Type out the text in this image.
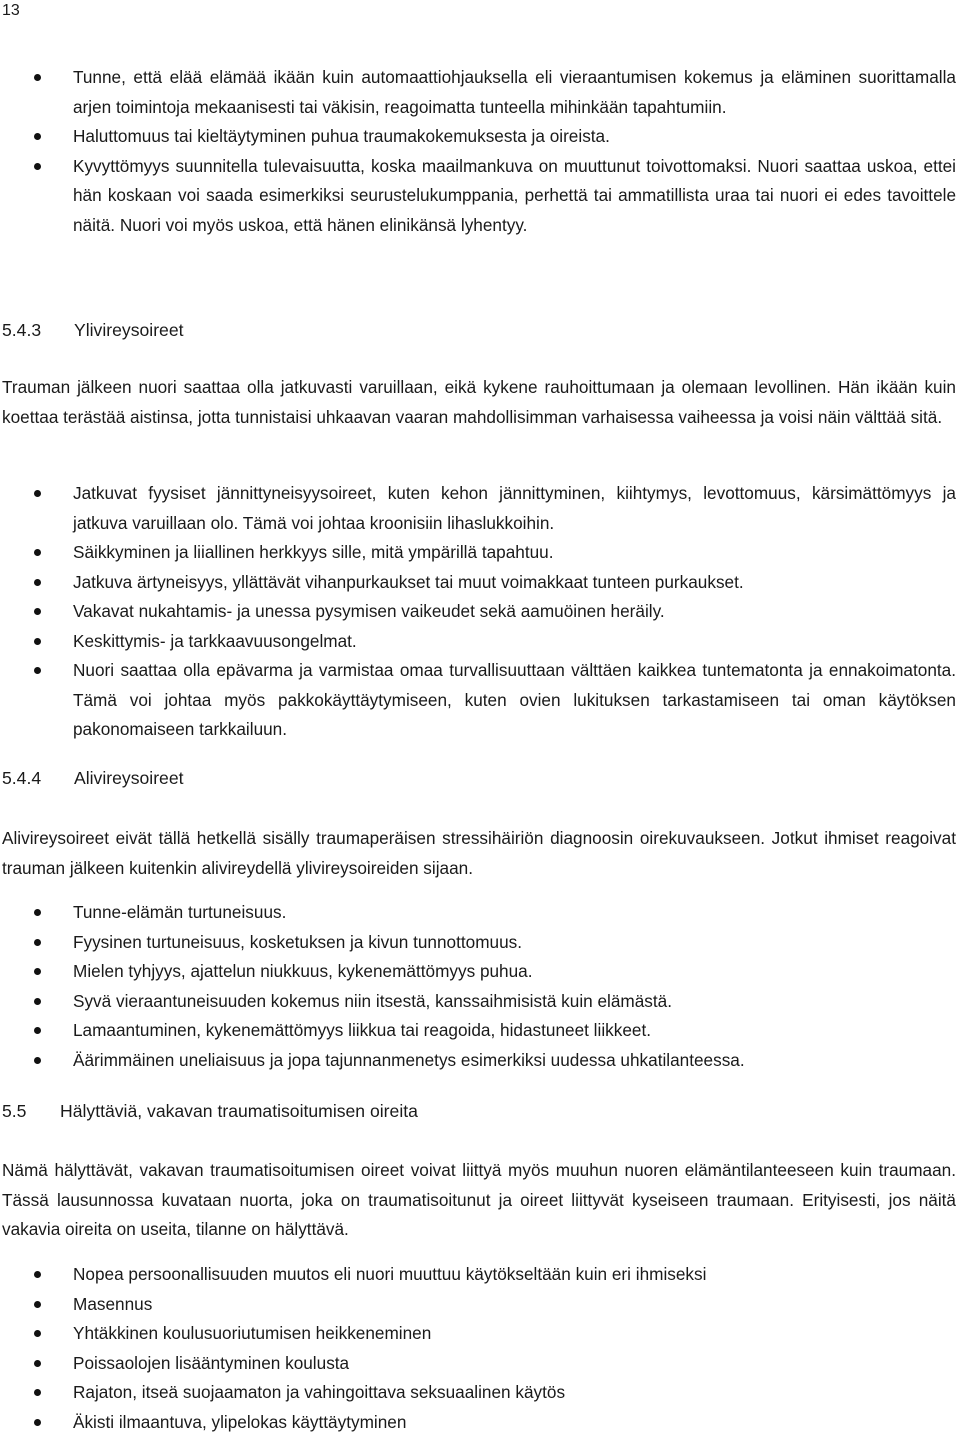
13
Tunne, että elää elämää ikään kuin automaattiohjauksella eli vieraantumisen kokemus ja eläminen suorittamalla arjen toimintoja mekaanisesti tai väkisin, reagoimatta tunteella mihinkään tapahtumiin.
Haluttomuus tai kieltäytyminen puhua traumakokemuksesta ja oireista.
Kyvyttömyys suunnitella tulevaisuutta, koska maailmankuva on muuttunut toivottomaksi. Nuori saattaa uskoa, ettei hän koskaan voi saada esimerkiksi seurustelukumppania, perhettä tai ammatillista uraa tai nuori ei edes tavoittele näitä. Nuori voi myös uskoa, että hänen elinikänsä lyhentyy.
5.4.3 Ylivireysoireet

Trauman jälkeen nuori saattaa olla jatkuvasti varuillaan, eikä kykene rauhoittumaan ja olemaan levollinen. Hän ikään kuin koettaa terästää aistinsa, jotta tunnistaisi uhkaavan vaaran mahdollisimman varhaisessa vaiheessa ja voisi näin välttää sitä.

Jatkuvat fyysiset jännittyneisyysoireet, kuten kehon jännittyminen, kiihtymys, levottomuus, kärsimättömyys ja jatkuva varuillaan olo. Tämä voi johtaa kroonisiin lihaslukkoihin.
Säikkyminen ja liiallinen herkkyys sille, mitä ympärillä tapahtuu.
Jatkuva ärtyneisyys, yllättävät vihanpurkaukset tai muut voimakkaat tunteen purkaukset.
Vakavat nukahtamis- ja unessa pysymisen vaikeudet sekä aamuöinen heräily.
Keskittymis- ja tarkkaavuusongelmat.
Nuori saattaa olla epävarma ja varmistaa omaa turvallisuuttaan välttäen kaikkea tuntematonta ja ennakoimatonta. Tämä voi johtaa myös pakkokäyttäytymiseen, kuten ovien lukituksen tarkastamiseen tai oman käytöksen pakonomaiseen tarkkailuun.
5.4.4 Alivireysoireet

Alivireysoireet eivät tällä hetkellä sisälly traumaperäisen stressihäiriön diagnoosin oirekuvaukseen. Jotkut ihmiset reagoivat trauman jälkeen kuitenkin alivireydellä ylivireysoireiden sijaan.

Tunne-elämän turtuneisuus.
Fyysinen turtuneisuus, kosketuksen ja kivun tunnottomuus.
Mielen tyhjyys, ajattelun niukkuus, kykenemättömyys puhua.
Syvä vieraantuneisuuden kokemus niin itsestä, kanssaihmisistä kuin elämästä.
Lamaantuminen, kykenemättömyys liikkua tai reagoida, hidastuneet liikkeet.
Äärimmäinen uneliaisuus ja jopa tajunnanmenetys esimerkiksi uudessa uhkatilanteessa.
5.5 Hälyttäviä, vakavan traumatisoitumisen oireita

Nämä hälyttävät, vakavan traumatisoitumisen oireet voivat liittyä myös muuhun nuoren elämäntilanteeseen kuin traumaan. Tässä lausunnossa kuvataan nuorta, joka on traumatisoitunut ja oireet liittyvät kyseiseen traumaan. Erityisesti, jos näitä vakavia oireita on useita, tilanne on hälyttävä.

Nopea persoonallisuuden muutos eli nuori muuttuu käytökseltään kuin eri ihmiseksi
Masennus
Yhtäkkinen koulusuoriutumisen heikkeneminen
Poissaolojen lisääntyminen koulusta
Rajaton, itseä suojaamaton ja vahingoittava seksuaalinen käytös
Äkisti ilmaantuva, ylipelokas käyttäytyminen
